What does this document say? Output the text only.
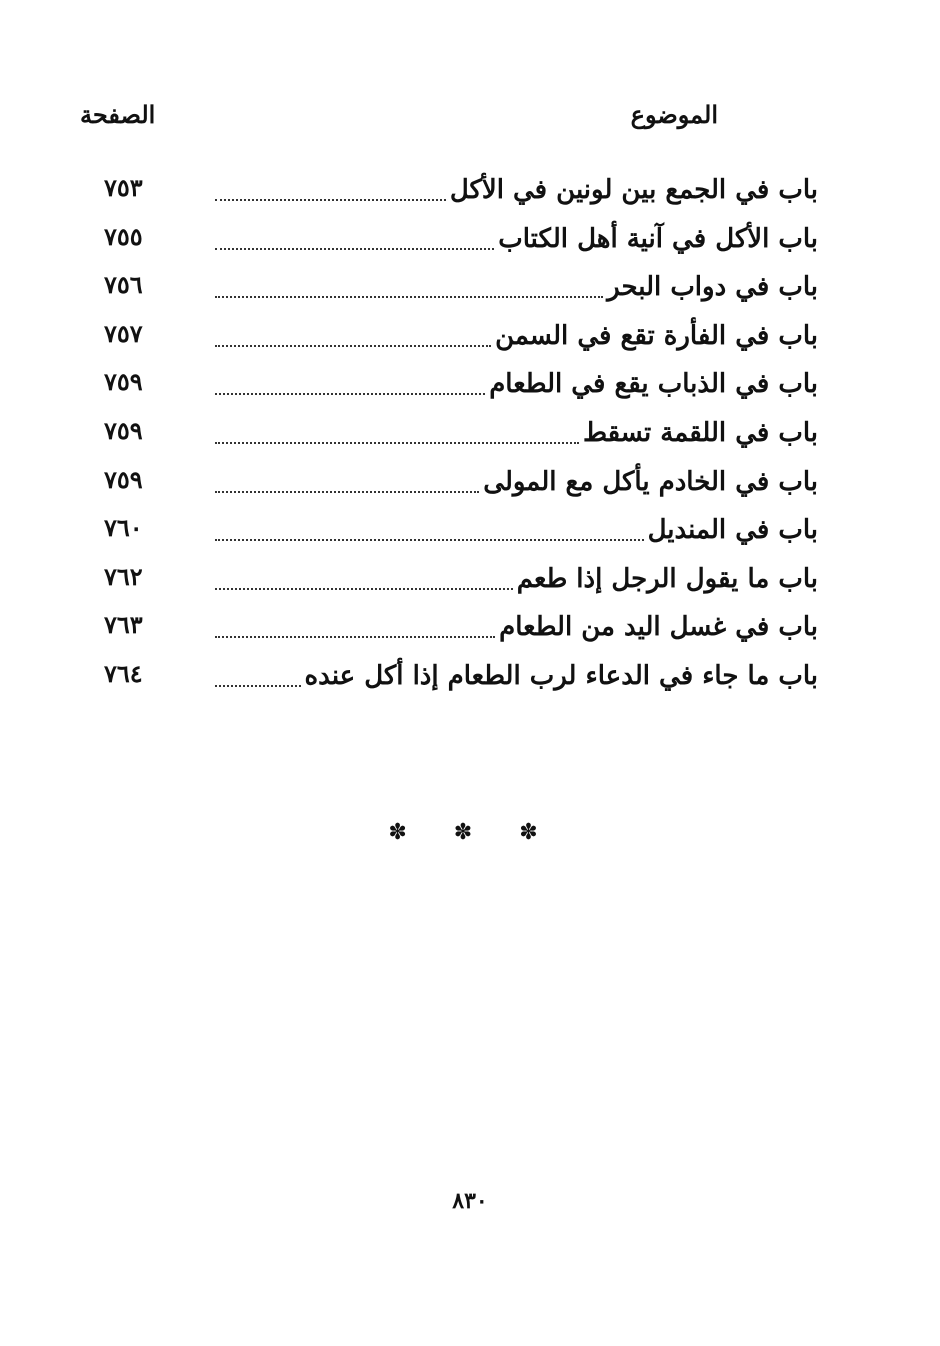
الموضوع
الصفحة
باب في الجمع بين لونين في الأكل
٧٥٣
باب الأكل في آنية أهل الكتاب
٧٥٥
باب في دواب البحر
٧٥٦
باب في الفأرة تقع في السمن
٧٥٧
باب في الذباب يقع في الطعام
٧٥٩
باب في اللقمة تسقط
٧٥٩
باب في الخادم يأكل مع المولى
٧٥٩
باب في المنديل
٧٦٠
باب ما يقول الرجل إذا طعم
٧٦٢
باب في غسل اليد من الطعام
٧٦٣
باب ما جاء في الدعاء لرب الطعام إذا أكل عنده
٧٦٤
✽ ✽ ✽
٨٣٠
